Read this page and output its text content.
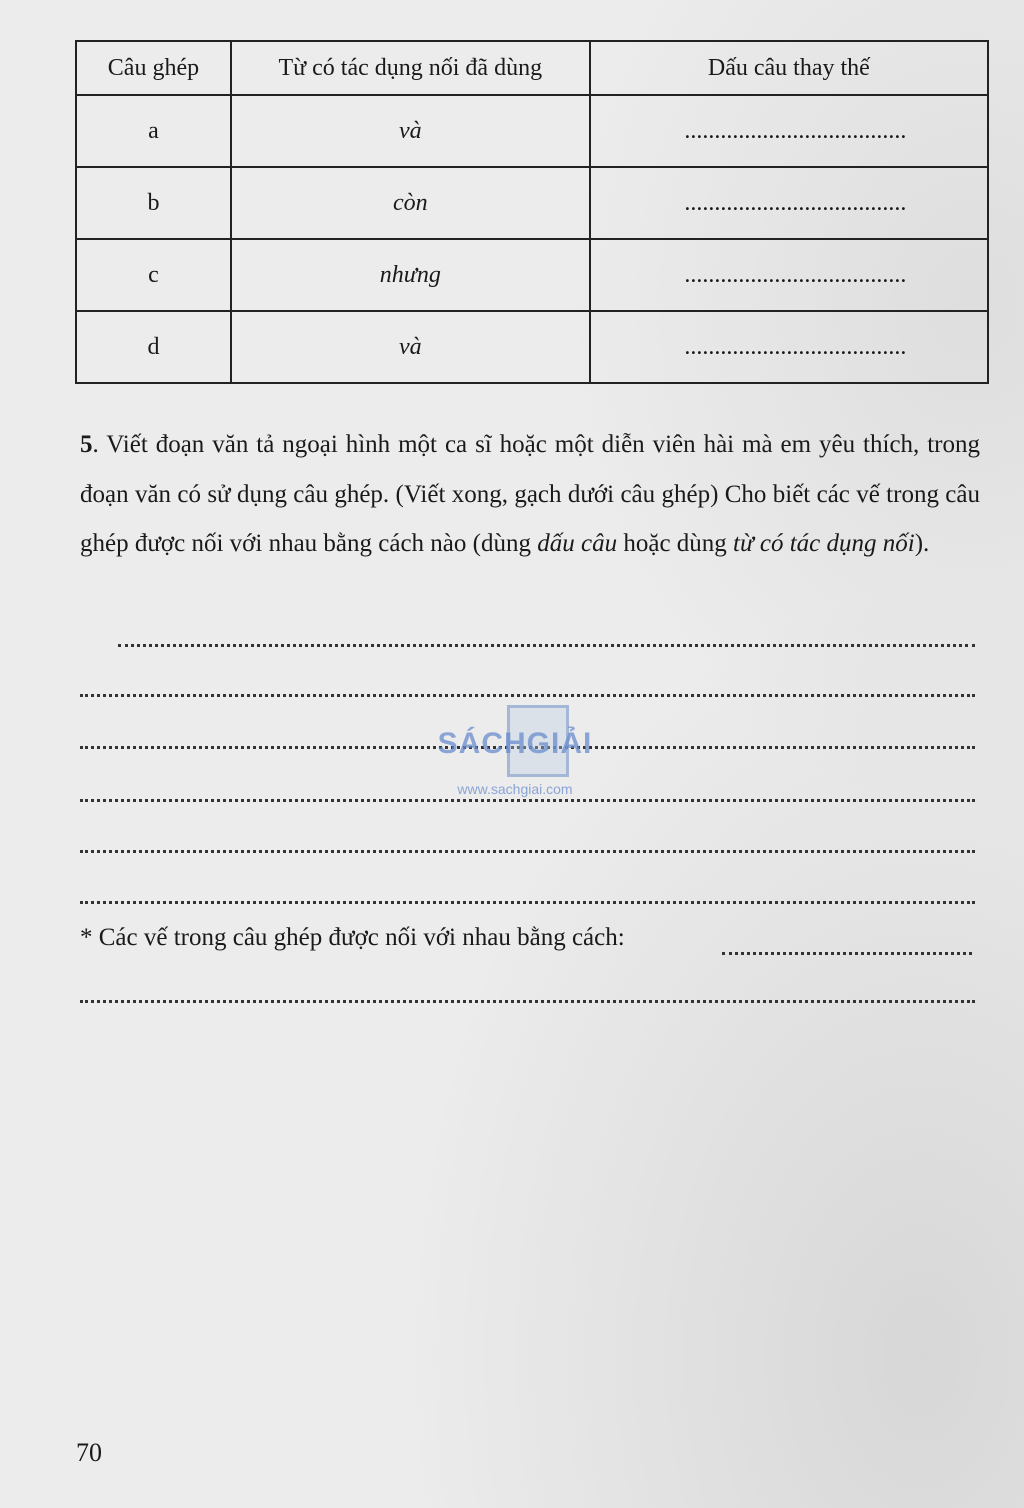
Câu ghép	Từ có tác dụng nối đã dùng	Dấu câu thay thế
a	và	.....................................
b	còn	.....................................
c	nhưng	.....................................
d	và	.....................................
5. Viết đoạn văn tả ngoại hình một ca sĩ hoặc một diễn viên hài mà em yêu thích, trong đoạn văn có sử dụng câu ghép. (Viết xong, gạch dưới câu ghép) Cho biết các vế trong câu ghép được nối với nhau bằng cách nào (dùng dấu câu hoặc dùng từ có tác dụng nối).
* Các vế trong câu ghép được nối với nhau bằng cách:
SÁCHGIẢI
www.sachgiai.com
70
